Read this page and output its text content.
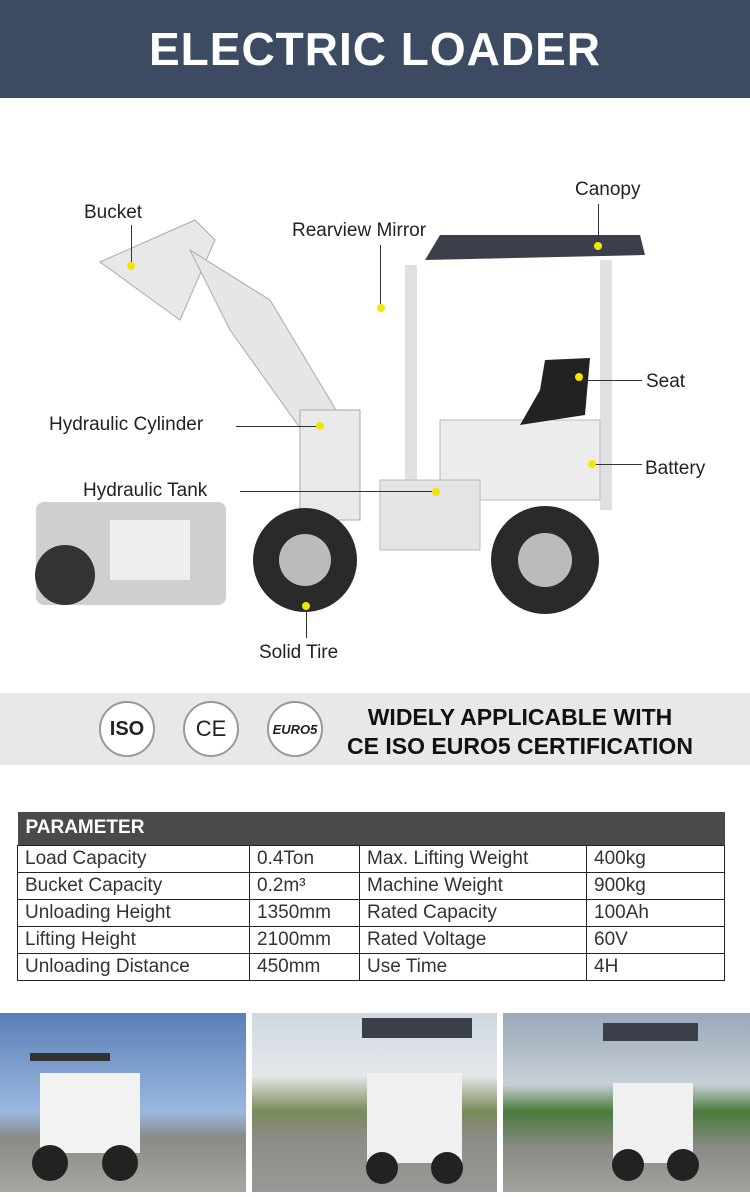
ELECTRIC LOADER
Bucket
Rearview Mirror
Canopy
Seat
Hydraulic Cylinder
Battery
Hydraulic Tank
Solid Tire
ISO	CE	EURO5	WIDELY APPLICABLE WITH
CE ISO EURO5 CERTIFICATION
PARAMETER			
Load Capacity	0.4Ton	Max. Lifting Weight	400kg
Bucket Capacity	0.2m³	Machine Weight	900kg
Unloading Height	1350mm	Rated Capacity	100Ah
Lifting Height	2100mm	Rated Voltage	60V
Unloading Distance	450mm	Use Time	4H
